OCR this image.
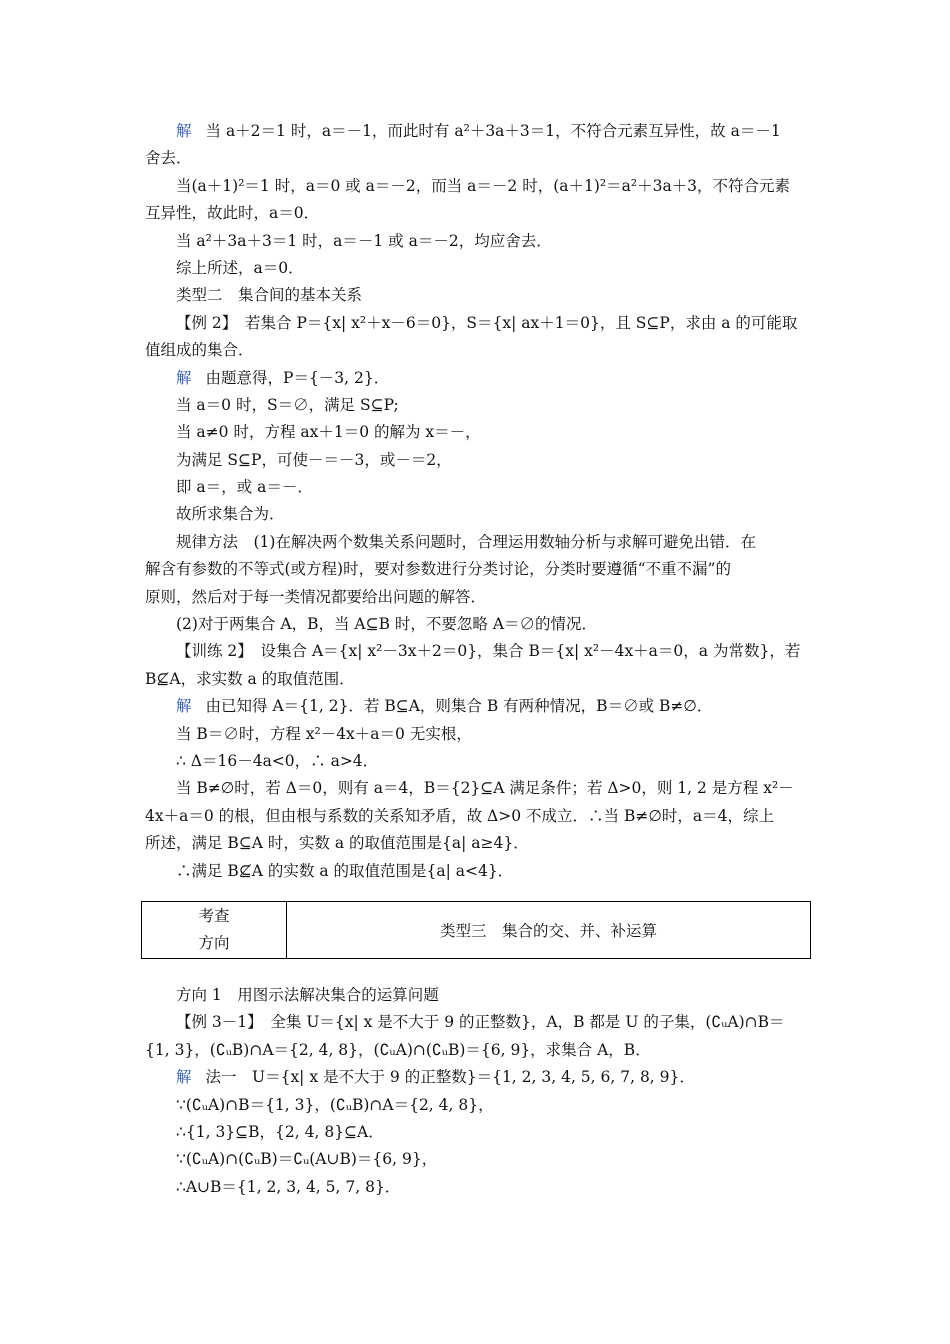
解 当 a＋2＝1 时，a＝－1，而此时有 a²＋3a＋3＝1，不符合元素互异性，故 a＝－1
舍去．
当(a＋1)²＝1 时，a＝0 或 a＝－2，而当 a＝－2 时，(a＋1)²＝a²＋3a＋3，不符合元素
互异性，故此时，a＝0．
当 a²＋3a＋3＝1 时，a＝－1 或 a＝－2，均应舍去．
综上所述，a＝0．
类型二　集合间的基本关系
【例 2】　若集合 P＝{x| x²＋x－6＝0}，S＝{x| ax＋1＝0}，且 S⊆P，求由 a 的可能取
值组成的集合．
解 由题意得，P＝{－3, 2}．
当 a＝0 时，S＝∅，满足 S⊆P;
当 a≠0 时，方程 ax＋1＝0 的解为 x＝－，
为满足 S⊆P，可使－＝－3，或－＝2，
即 a＝，或 a＝－．
故所求集合为．
规律方法　(1)在解决两个数集关系问题时，合理运用数轴分析与求解可避免出错．在
解含有参数的不等式(或方程)时，要对参数进行分类讨论，分类时要遵循“不重不漏”的
原则，然后对于每一类情况都要给出问题的解答．
(2)对于两集合 A，B，当 A⊆B 时，不要忽略 A＝∅的情况．
【训练 2】　设集合 A＝{x| x²－3x＋2＝0}，集合 B＝{x| x²－4x＋a＝0，a 为常数}，若
B⊈A，求实数 a 的取值范围．
解 由已知得 A＝{1, 2}．若 B⊆A，则集合 B 有两种情况，B＝∅或 B≠∅．
当 B＝∅时，方程 x²－4x＋a＝0 无实根，
∴ Δ＝16－4a<0，∴ a>4．
当 B≠∅时，若 Δ＝0，则有 a＝4，B＝{2}⊆A 满足条件；若 Δ>0，则 1, 2 是方程 x²－
4x＋a＝0 的根，但由根与系数的关系知矛盾，故 Δ>0 不成立．∴当 B≠∅时，a＝4，综上
所述，满足 B⊆A 时，实数 a 的取值范围是{a| a≥4}．
∴满足 B⊈A 的实数 a 的取值范围是{a| a<4}．
考查
方向
	类型三　集合的交、并、补运算
方向 1　用图示法解决集合的运算问题
【例 3－1】　全集 U＝{x| x 是不大于 9 的正整数}，A，B 都是 U 的子集，(∁ᵤA)∩B＝
{1, 3}，(∁ᵤB)∩A＝{2, 4, 8}，(∁ᵤA)∩(∁ᵤB)＝{6, 9}，求集合 A，B．
解 法一　U＝{x| x 是不大于 9 的正整数}＝{1, 2, 3, 4, 5, 6, 7, 8, 9}．
∵(∁ᵤA)∩B＝{1, 3}，(∁ᵤB)∩A＝{2, 4, 8}，
∴{1, 3}⊆B，{2, 4, 8}⊆A．
∵(∁ᵤA)∩(∁ᵤB)＝∁ᵤ(A∪B)＝{6, 9}，
∴A∪B＝{1, 2, 3, 4, 5, 7, 8}．
